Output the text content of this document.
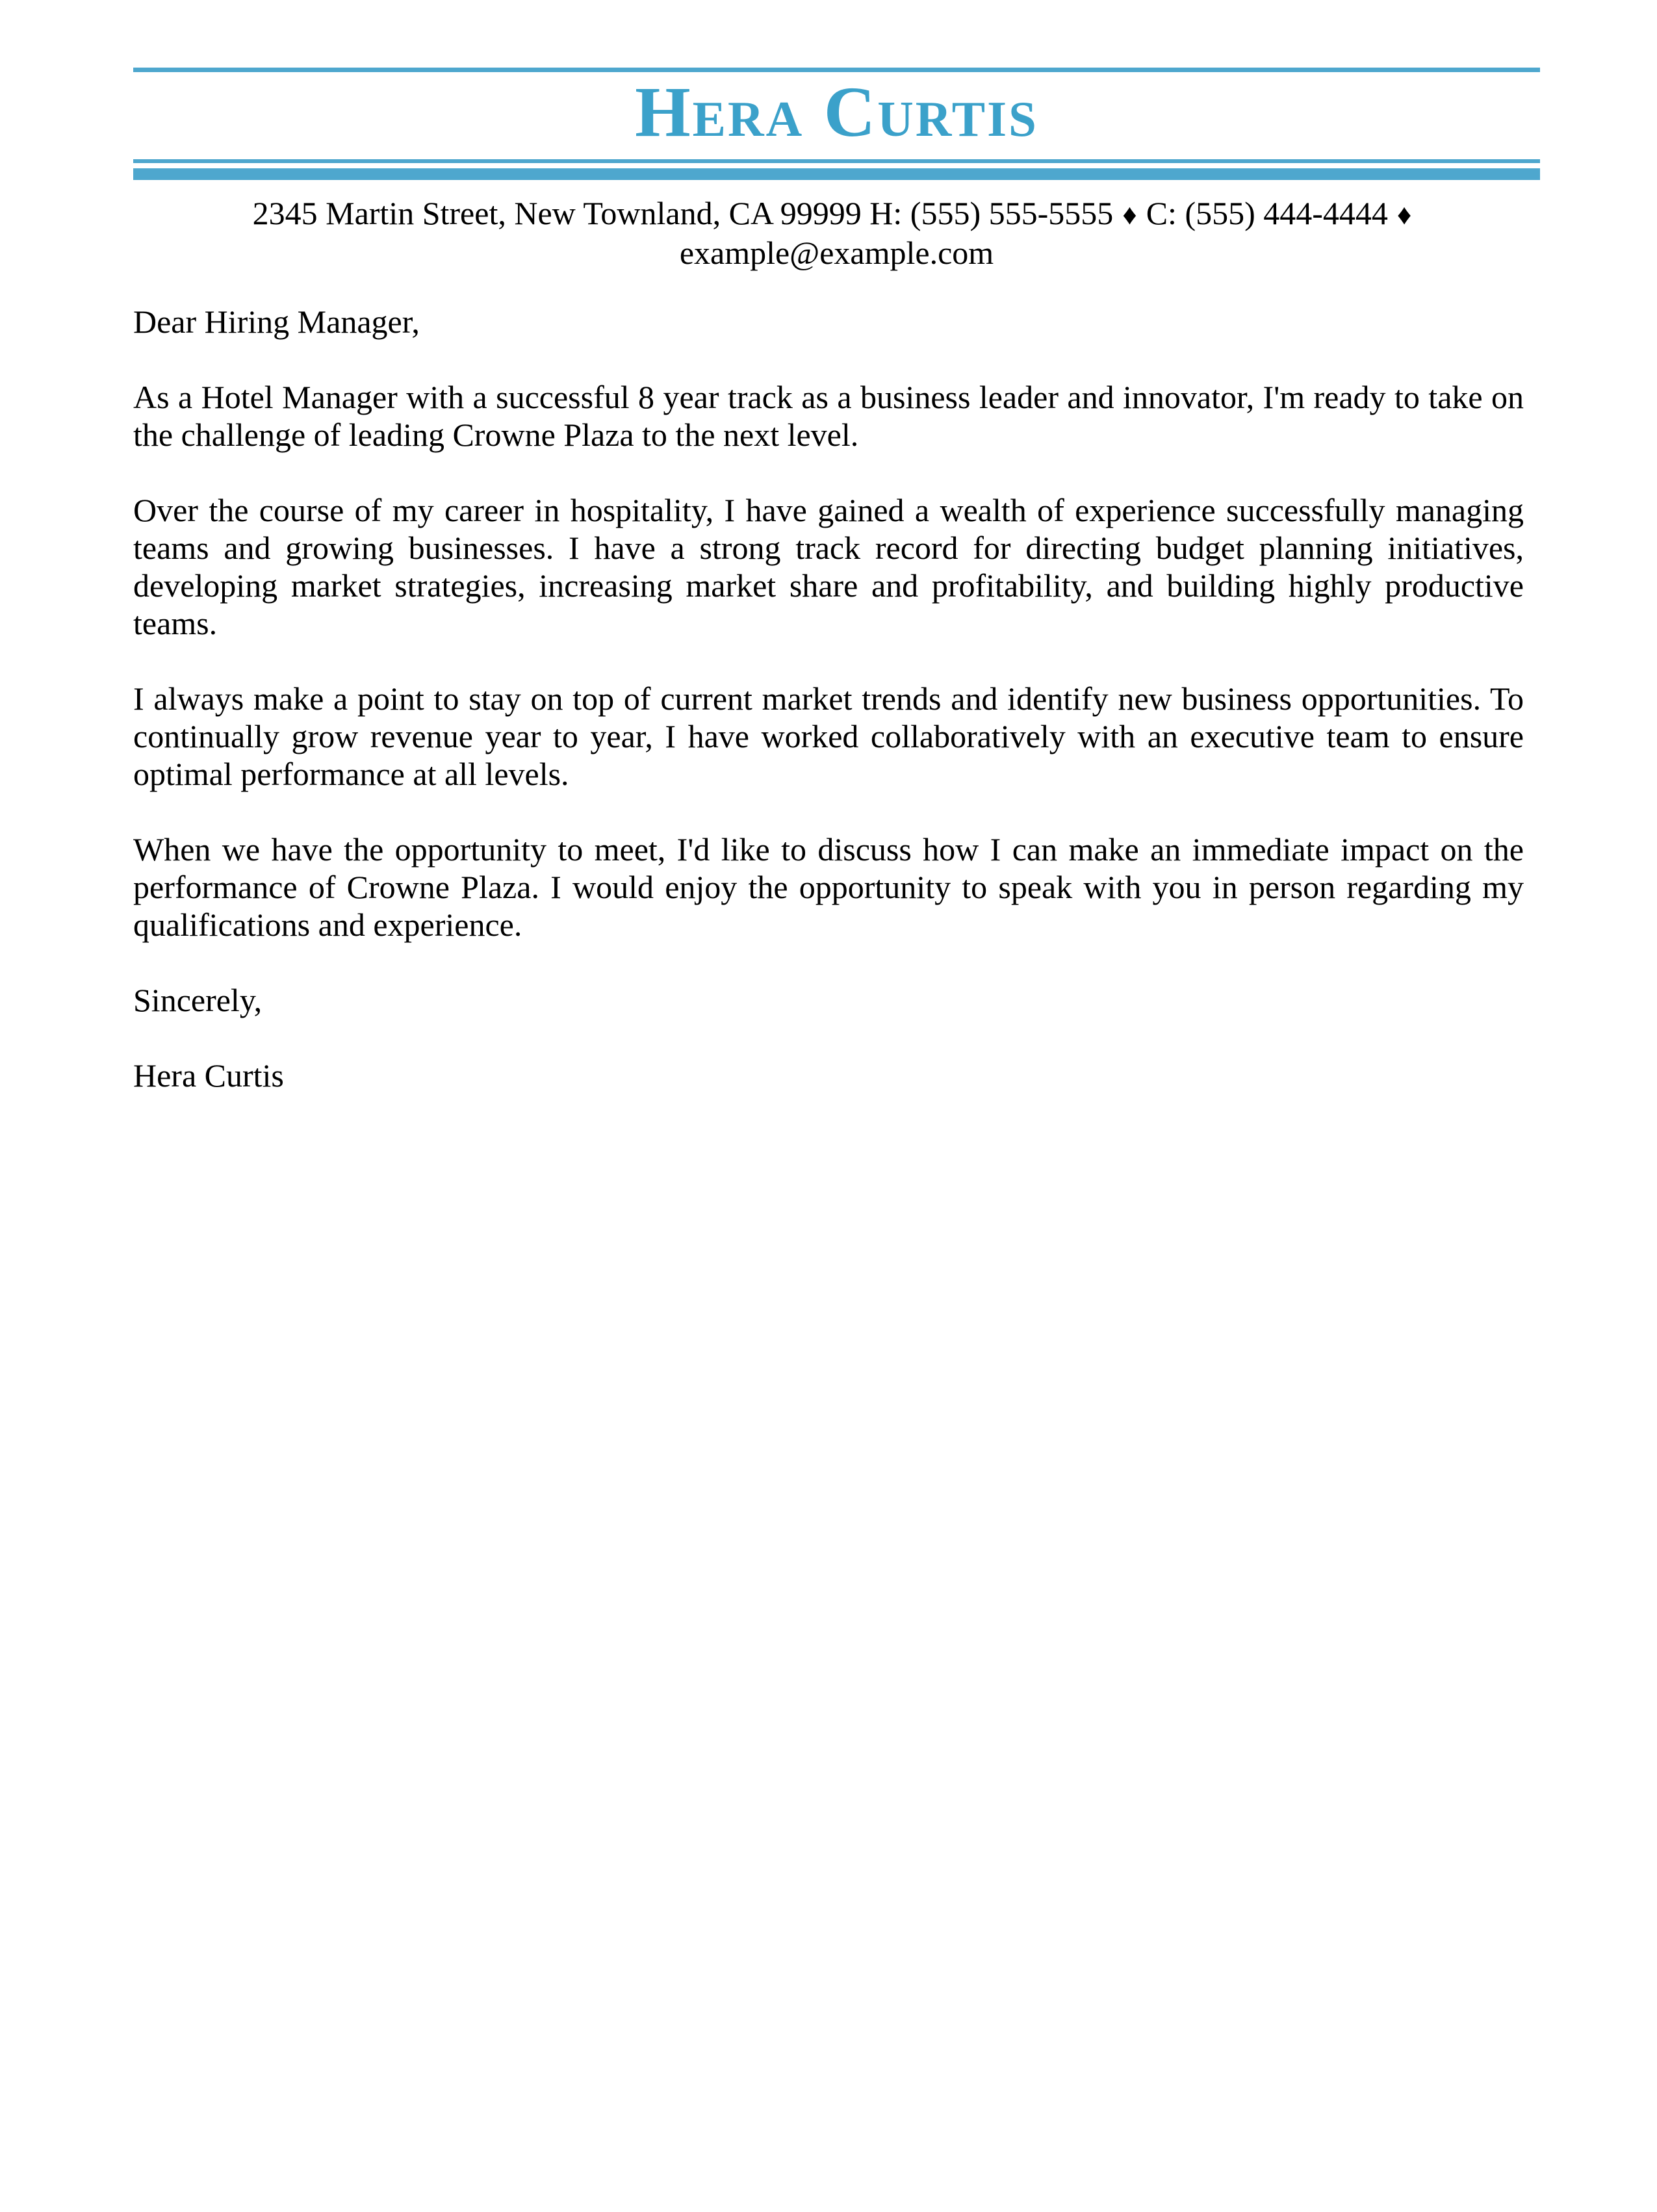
Hera Curtis
2345 Martin Street, New Townland, CA 99999 H: (555) 555-5555 ♦ C: (555) 444-4444 ♦
example@example.com

Dear Hiring Manager,

As a Hotel Manager with a successful 8 year track as a business leader and innovator, I'm ready to take on the challenge of leading Crowne Plaza to the next level.

Over the course of my career in hospitality, I have gained a wealth of experience successfully managing teams and growing businesses. I have a strong track record for directing budget planning initiatives, developing market strategies, increasing market share and profitability, and building highly productive teams.

I always make a point to stay on top of current market trends and identify new business opportunities. To continually grow revenue year to year, I have worked collaboratively with an executive team to ensure optimal performance at all levels.

When we have the opportunity to meet, I'd like to discuss how I can make an immediate impact on the performance of Crowne Plaza. I would enjoy the opportunity to speak with you in person regarding my qualifications and experience.

Sincerely,

Hera Curtis
